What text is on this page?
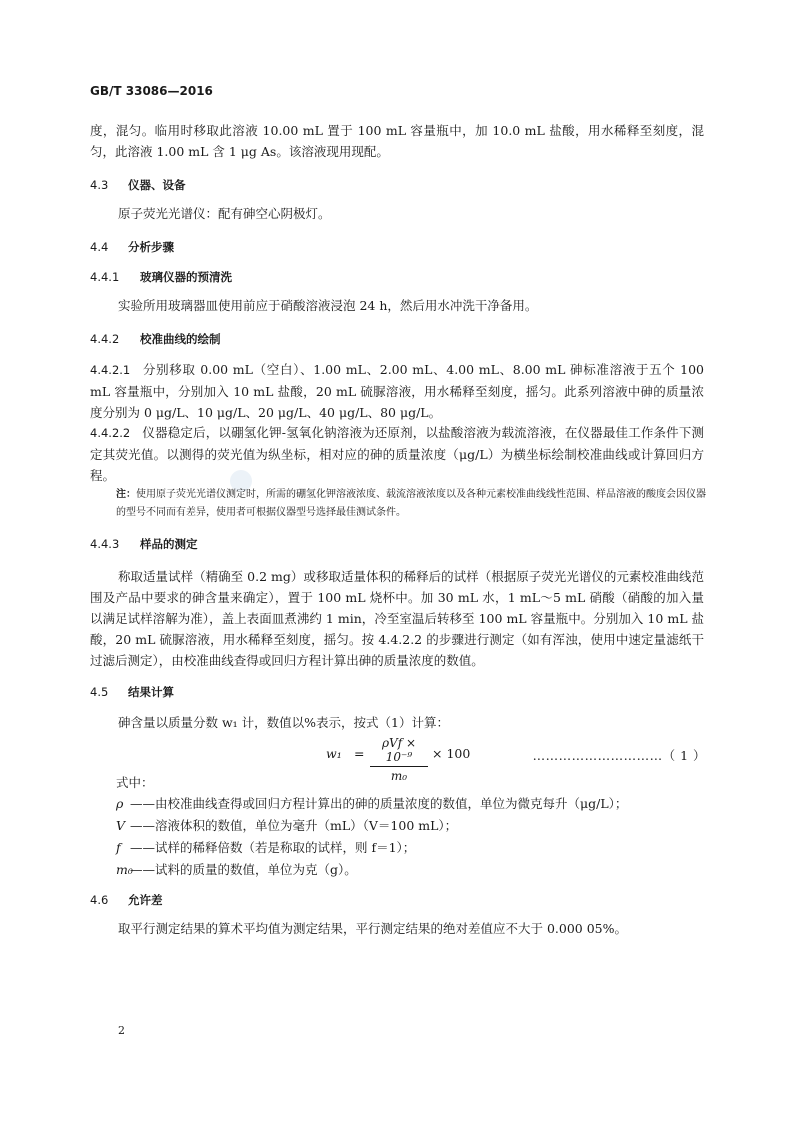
GB/T 33086—2016
度，混匀。临用时移取此溶液 10.00 mL 置于 100 mL 容量瓶中，加 10.0 mL 盐酸，用水稀释至刻度，混匀，此溶液 1.00 mL 含 1 μg As。该溶液现用现配。
4.3 仪器、设备
原子荧光光谱仪：配有砷空心阴极灯。
4.4 分析步骤
4.4.1 玻璃仪器的预清洗
实验所用玻璃器皿使用前应于硝酸溶液浸泡 24 h，然后用水冲洗干净备用。
4.4.2 校准曲线的绘制
4.4.2.1 分别移取 0.00 mL（空白）、1.00 mL、2.00 mL、4.00 mL、8.00 mL 砷标准溶液于五个 100 mL 容量瓶中，分别加入 10 mL 盐酸，20 mL 硫脲溶液，用水稀释至刻度，摇匀。此系列溶液中砷的质量浓度分别为 0 μg/L、10 μg/L、20 μg/L、40 μg/L、80 μg/L。
4.4.2.2 仪器稳定后，以硼氢化钾-氢氧化钠溶液为还原剂，以盐酸溶液为载流溶液，在仪器最佳工作条件下测定其荧光值。以测得的荧光值为纵坐标，相对应的砷的质量浓度（μg/L）为横坐标绘制校准曲线或计算回归方程。
注：使用原子荧光光谱仪测定时，所需的硼氢化钾溶液浓度、载流溶液浓度以及各种元素校准曲线线性范围、样品溶液的酸度会因仪器的型号不同而有差异，使用者可根据仪器型号选择最佳测试条件。
4.4.3 样品的测定
称取适量试样（精确至 0.2 mg）或移取适量体积的稀释后的试样（根据原子荧光光谱仪的元素校准曲线范围及产品中要求的砷含量来确定），置于 100 mL 烧杯中。加 30 mL 水，1 mL～5 mL 硝酸（硝酸的加入量以满足试样溶解为准），盖上表面皿煮沸约 1 min，冷至室温后转移至 100 mL 容量瓶中。分别加入 10 mL 盐酸，20 mL 硫脲溶液，用水稀释至刻度，摇匀。按 4.4.2.2 的步骤进行测定（如有浑浊，使用中速定量滤纸干过滤后测定），由校准曲线查得或回归方程计算出砷的质量浓度的数值。
4.5 结果计算
砷含量以质量分数 w₁ 计，数值以%表示，按式（1）计算：
w₁ =
ρVf × 10⁻⁹
m₀
× 100	…………………………（ 1 ）
式中：
ρ ——由校准曲线查得或回归方程计算出的砷的质量浓度的数值，单位为微克每升（μg/L）；
V ——溶液体积的数值，单位为毫升（mL）（V＝100 mL）；
f ——试样的稀释倍数（若是称取的试样，则 f＝1）；
m₀——试料的质量的数值，单位为克（g）。
4.6 允许差
取平行测定结果的算术平均值为测定结果，平行测定结果的绝对差值应不大于 0.000 05%。
2
